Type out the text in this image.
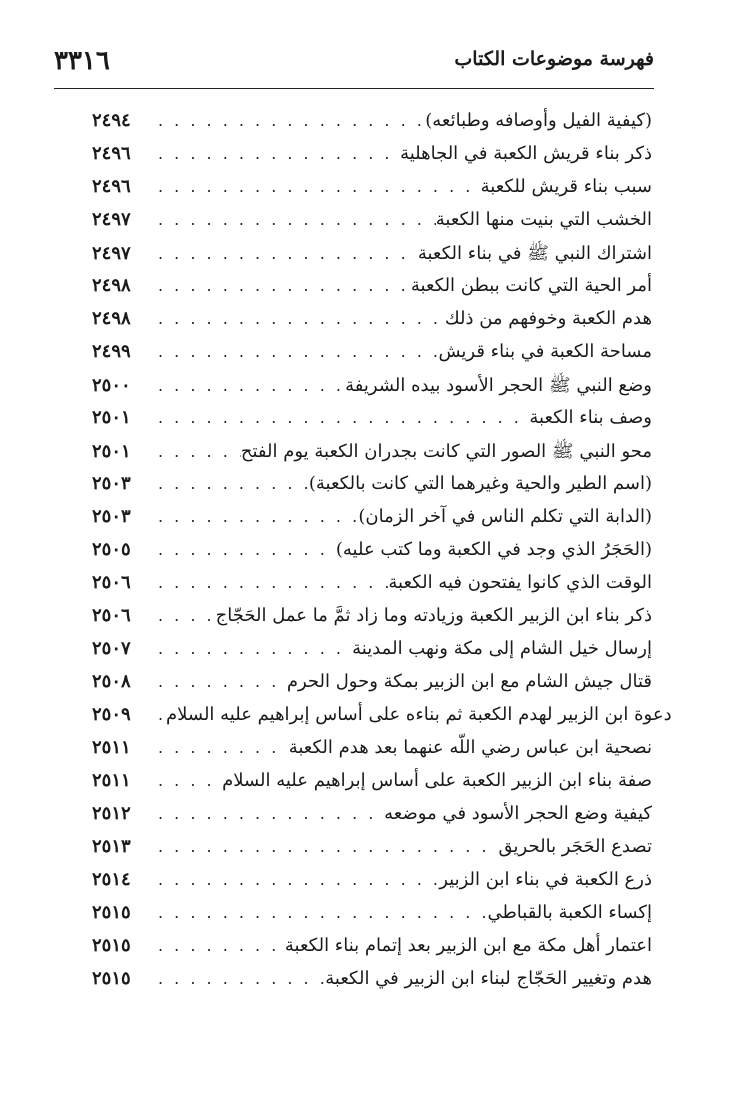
٣٣١٦	فهرسة موضوعات الكتاب
٢٤٩٤ . . .	(كيفية الفيل وأوصافه وطبائعه)
٢٤٩٦ . . .	ذكر بناء قريش الكعبة في الجاهلية
٢٤٩٦ . . .	سبب بناء قريش للكعبة
٢٤٩٧ . . .	الخشب التي بنيت منها الكعبة
٢٤٩٧ . . .	اشتراك النبي ﷺ في بناء الكعبة
٢٤٩٨ . . .	أمر الحية التي كانت ببطن الكعبة
٢٤٩٨ . . .	هدم الكعبة وخوفهم من ذلك
٢٤٩٩ . . .	مساحة الكعبة في بناء قريش
٢٥٠٠ . . .	وضع النبي ﷺ الحجر الأسود بيده الشريفة
٢٥٠١ . . .	وصف بناء الكعبة
٢٥٠١ . . .	محو النبي ﷺ الصور التي كانت بجدران الكعبة يوم الفتح
٢٥٠٣ . . .	(اسم الطير والحية وغيرهما التي كانت بالكعبة)
٢٥٠٣ . . .	(الدابة التي تكلم الناس في آخر الزمان)
٢٥٠٥ . . .	(الحَجَرُ الذي وجد في الكعبة وما كتب عليه)
٢٥٠٦ . . .	الوقت الذي كانوا يفتحون فيه الكعبة
٢٥٠٦ . . .	ذكر بناء ابن الزبير الكعبة وزيادته وما زاد ثمَّ ما عمل الحَجّاج
٢٥٠٧ . . .	إرسال خيل الشام إلى مكة ونهب المدينة
٢٥٠٨ . . .	قتال جيش الشام مع ابن الزبير بمكة وحول الحرم
٢٥٠٩ . . .	دعوة ابن الزبير لهدم الكعبة ثم بناءه على أساس إبراهيم عليه السلام
٢٥١١ . . .	نصحية ابن عباس رضي اللّه عنهما بعد هدم الكعبة
٢٥١١ . . .	صفة بناء ابن الزبير الكعبة على أساس إبراهيم عليه السلام
٢٥١٢ . . .	كيفية وضع الحجر الأسود في موضعه
٢٥١٣ . . .	تصدع الحَجَر بالحريق
٢٥١٤ . . .	ذرع الكعبة في بناء ابن الزبير
٢٥١٥ . . .	إكساء الكعبة بالقباطي
٢٥١٥ . . .	اعتمار أهل مكة مع ابن الزبير بعد إتمام بناء الكعبة
٢٥١٥ . . .	هدم وتغيير الحَجّاج لبناء ابن الزبير في الكعبة
